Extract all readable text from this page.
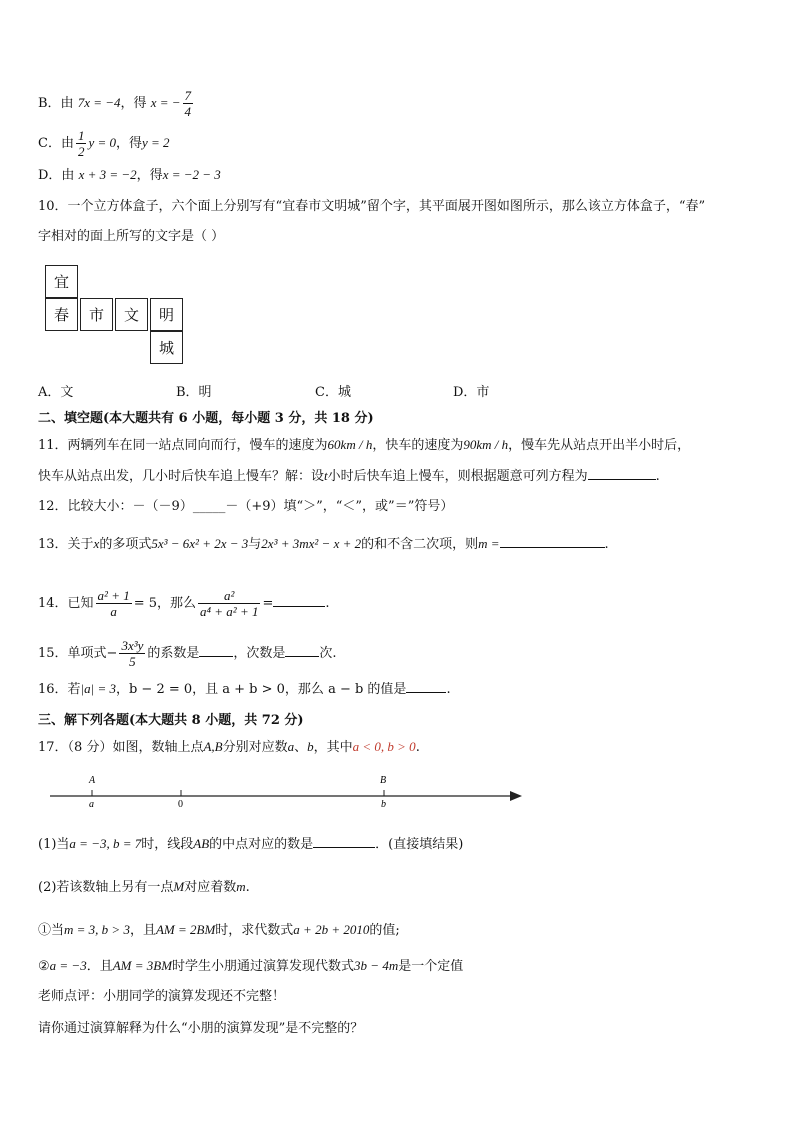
B．由 7x = −4，得 x = − $\frac{7}{4}$
C．由 $\frac{1}{2}$ y = 0，得y = 2
D．由 x + 3 = −2，得x = −2 − 3
10．一个立方体盒子，六个面上分别写有“宜春市文明城”留个字，其平面展开图如图所示，那么该立方体盒子，“春”
字相对的面上所写的文字是（ ）
宜
春	市	文	明
城
A．文	B．明	C．城	D．市
二、填空题(本大题共有 6 小题，每小题 3 分，共 18 分)
11．两辆列车在同一站点同向而行，慢车的速度为60km / h，快车的速度为90km / h，慢车先从站点开出半小时后，
快车从站点出发，几小时后快车追上慢车？解：设t小时后快车追上慢车，则根据题意可列方程为	.
12．比较大小：－（－9）_____－（+9）填“＞”，“＜”，或”＝”符号）
13．关于x的多项式5x³ − 6x² + 2x − 3与2x³ + 3mx² − x + 2的和不含二次项，则m =	.
14．已知 $\frac{\text{a² + 1}}{a} = 5$，那么 $\frac{\text{a²}}{\text{a⁴ + a² + 1}}$ =	.
15．单项式− $\frac{\text{3x³y}}{5}$ 的系数是	，次数是	次.
16．若|a| = 3，b − 2 = 0，且 a + b > 0，那么 a − b 的值是	.
三、解下列各题(本大题共 8 小题，共 72 分)
17．（8 分）如图，数轴上点A,B分别对应数a、b，其中a < 0, b > 0.
A
a	0
B
b
(1)当a = −3, b = 7时，线段AB的中点对应的数是	．(直接填结果)
(2)若该数轴上另有一点M对应着数m.
①当m = 3, b > 3，且AM = 2BM时，求代数式a + 2b + 2010的值;
②a = −3．且AM = 3BM时学生小朋通过演算发现代数式3b − 4m是一个定值
老师点评：小朋同学的演算发现还不完整！
请你通过演算解释为什么“小朋的演算发现”是不完整的？
